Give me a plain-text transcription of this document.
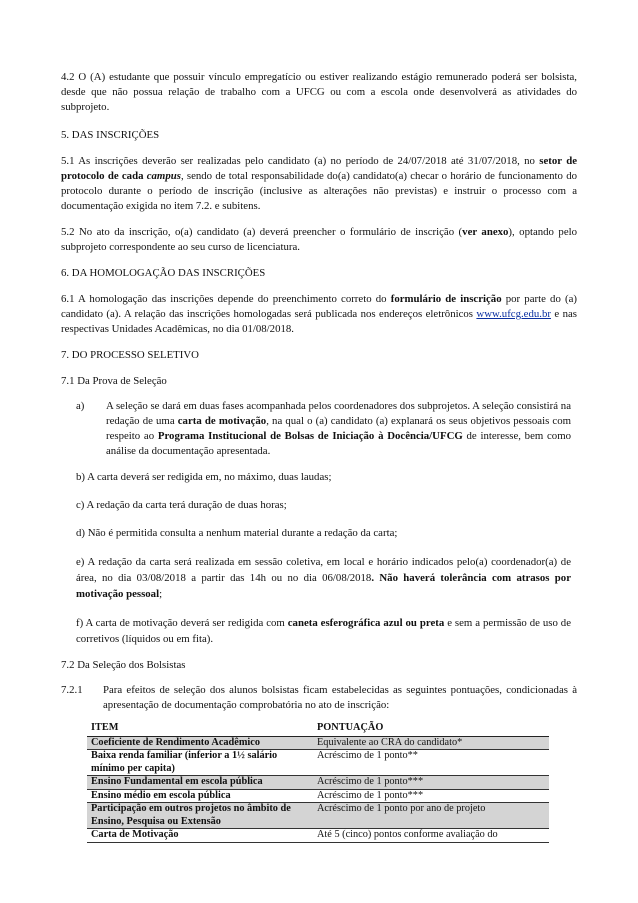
4.2 O (A) estudante que possuir vínculo empregatício ou estiver realizando estágio remunerado poderá ser bolsista, desde que não possua relação de trabalho com a UFCG ou com a escola onde desenvolverá as atividades do subprojeto.

5. DAS INSCRIÇÕES

5.1 As inscrições deverão ser realizadas pelo candidato (a) no período de 24/07/2018 até 31/07/2018, no setor de protocolo de cada campus, sendo de total responsabilidade do(a) candidato(a) checar o horário de funcionamento do protocolo durante o período de inscrição (inclusive as alterações não previstas) e instruir o processo com a documentação exigida no item 7.2. e subitens.

5.2 No ato da inscrição, o(a) candidato (a) deverá preencher o formulário de inscrição (ver anexo), optando pelo subprojeto correspondente ao seu curso de licenciatura.

6. DA HOMOLOGAÇÃO DAS INSCRIÇÕES

6.1 A homologação das inscrições depende do preenchimento correto do formulário de inscrição por parte do (a) candidato (a). A relação das inscrições homologadas será publicada nos endereços eletrônicos www.ufcg.edu.br e nas respectivas Unidades Acadêmicas, no dia 01/08/2018.

7. DO PROCESSO SELETIVO

7.1 Da Prova de Seleção

a)	A seleção se dará em duas fases acompanhada pelos coordenadores dos subprojetos. A seleção consistirá na redação de uma carta de motivação, na qual o (a) candidato (a) explanará os seus objetivos pessoais com respeito ao Programa Institucional de Bolsas de Iniciação à Docência/UFCG de interesse, bem como análise da documentação apresentada.

b) A carta deverá ser redigida em, no máximo, duas laudas;

c) A redação da carta terá duração de duas horas;

d) Não é permitida consulta a nenhum material durante a redação da carta;

e) A redação da carta será realizada em sessão coletiva, em local e horário indicados pelo(a) coordenador(a) de área, no dia 03/08/2018 a partir das 14h ou no dia 06/08/2018. Não haverá tolerância com atrasos por motivação pessoal;

f) A carta de motivação deverá ser redigida com caneta esferográfica azul ou preta e sem a permissão de uso de corretivos (líquidos ou em fita).

7.2 Da Seleção dos Bolsistas

7.2.1	Para efeitos de seleção dos alunos bolsistas ficam estabelecidas as seguintes pontuações, condicionadas à apresentação de documentação comprobatória no ato de inscrição:
ITEM	PONTUAÇÃO
Coeficiente de Rendimento Acadêmico	Equivalente ao CRA do candidato*
Baixa renda familiar (inferior a 1½ salário mínimo per capita)	Acréscimo de 1 ponto**
Ensino Fundamental em escola pública	Acréscimo de 1 ponto***
Ensino médio em escola pública	Acréscimo de 1 ponto***
Participação em outros projetos no âmbito de Ensino, Pesquisa ou Extensão	Acréscimo de 1 ponto por ano de projeto
Carta de Motivação	Até 5 (cinco) pontos conforme avaliação do
